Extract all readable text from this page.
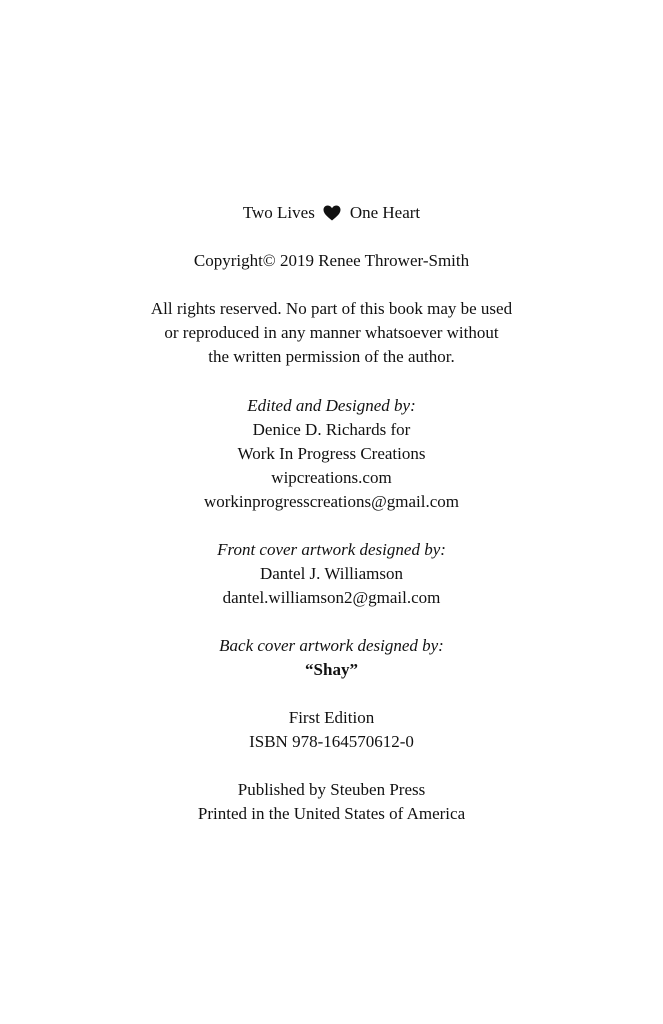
Two Lives One Heart
Copyright© 2019 Renee Thrower-Smith
All rights reserved. No part of this book may be used
or reproduced in any manner whatsoever without
the written permission of the author.
Edited and Designed by:
Denice D. Richards for
Work In Progress Creations
wipcreations.com
workinprogresscreations@gmail.com
Front cover artwork designed by:
Dantel J. Williamson
dantel.williamson2@gmail.com
Back cover artwork designed by:
“Shay”
First Edition
ISBN 978-164570612-0
Published by Steuben Press
Printed in the United States of America
